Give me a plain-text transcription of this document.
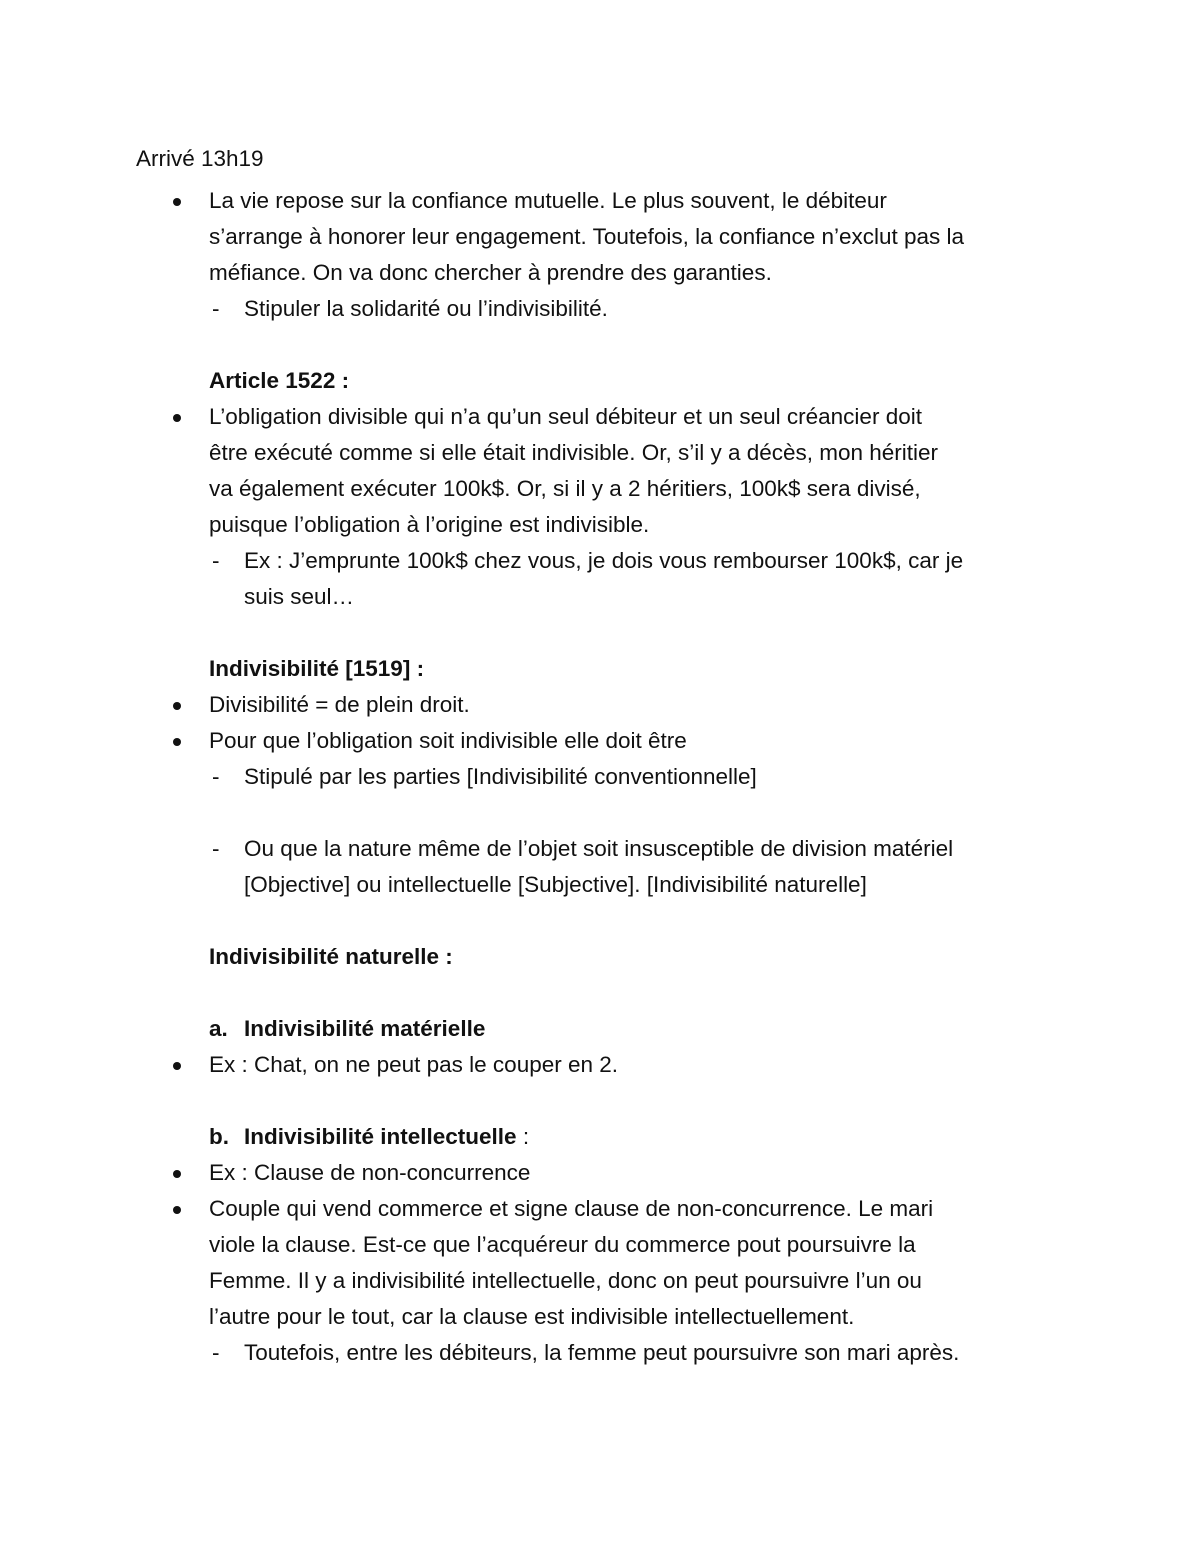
Arrivé 13h19
La vie repose sur la confiance mutuelle. Le plus souvent, le débiteur
s’arrange à honorer leur engagement. Toutefois, la confiance n’exclut pas la
méfiance. On va donc chercher à prendre des garanties.
- Stipuler la solidarité ou l’indivisibilité.
Article 1522 :
L’obligation divisible qui n’a qu’un seul débiteur et un seul créancier doit
être exécuté comme si elle était indivisible. Or, s’il y a décès, mon héritier
va également exécuter 100k$. Or, si il y a 2 héritiers, 100k$ sera divisé,
puisque l’obligation à l’origine est indivisible.
- Ex : J’emprunte 100k$ chez vous, je dois vous rembourser 100k$, car je
suis seul…
Indivisibilité [1519] :
Divisibilité = de plein droit.
Pour que l’obligation soit indivisible elle doit être
- Stipulé par les parties [Indivisibilité conventionnelle]
- Ou que la nature même de l’objet soit insusceptible de division matériel
[Objective] ou intellectuelle [Subjective]. [Indivisibilité naturelle]
Indivisibilité naturelle :
a. Indivisibilité matérielle
Ex : Chat, on ne peut pas le couper en 2.
b. Indivisibilité intellectuelle :
Ex : Clause de non-concurrence
Couple qui vend commerce et signe clause de non-concurrence. Le mari
viole la clause. Est-ce que l’acquéreur du commerce pout poursuivre la
Femme. Il y a indivisibilité intellectuelle, donc on peut poursuivre l’un ou
l’autre pour le tout, car la clause est indivisible intellectuellement.
- Toutefois, entre les débiteurs, la femme peut poursuivre son mari après.
